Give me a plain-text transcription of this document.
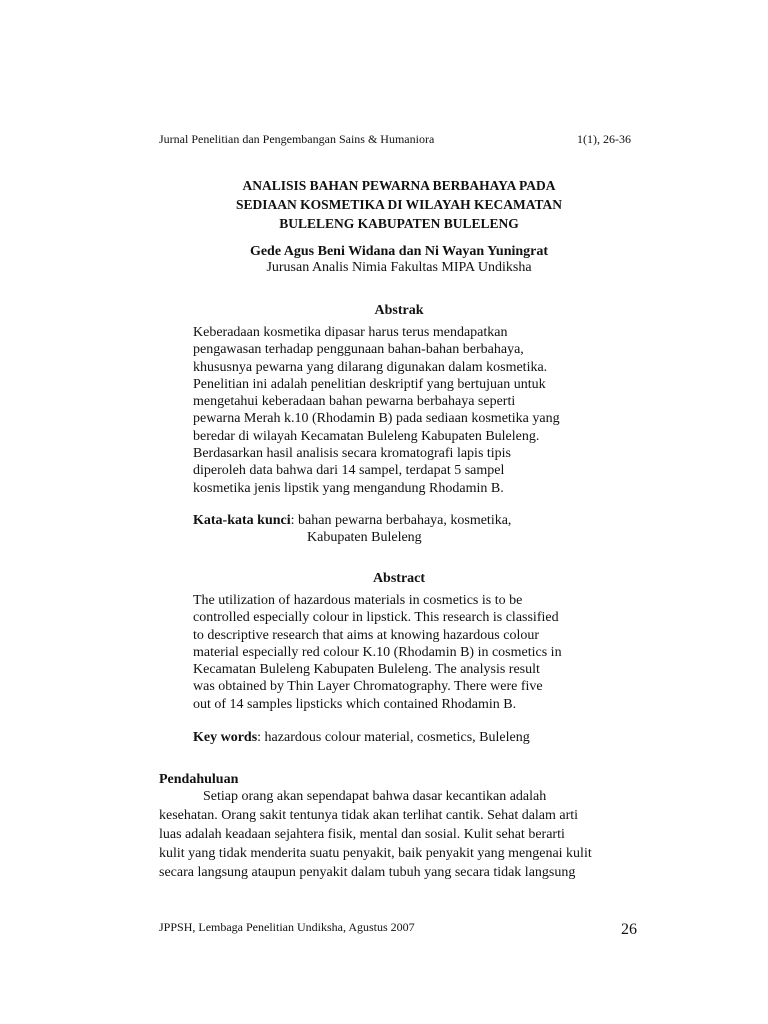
Jurnal Penelitian dan Pengembangan Sains & Humaniora	1(1), 26-36
ANALISIS BAHAN PEWARNA BERBAHAYA PADA
SEDIAAN KOSMETIKA DI WILAYAH KECAMATAN
BULELENG KABUPATEN BULELENG
Gede Agus Beni Widana dan Ni Wayan Yuningrat
Jurusan Analis Nimia Fakultas MIPA Undiksha
Abstrak
Keberadaan kosmetika dipasar harus terus mendapatkan
pengawasan terhadap penggunaan bahan-bahan berbahaya,
khususnya pewarna yang dilarang digunakan dalam kosmetika.
Penelitian ini adalah penelitian deskriptif yang bertujuan untuk
mengetahui keberadaan bahan pewarna berbahaya seperti
pewarna Merah k.10 (Rhodamin B) pada sediaan kosmetika yang
beredar di wilayah Kecamatan Buleleng Kabupaten Buleleng.
Berdasarkan hasil analisis secara kromatografi lapis tipis
diperoleh data bahwa dari 14 sampel, terdapat 5 sampel
kosmetika jenis lipstik yang mengandung Rhodamin B.
Kata-kata kunci: bahan pewarna berbahaya, kosmetika,
Kabupaten Buleleng
Abstract
The utilization of hazardous materials in cosmetics is to be
controlled especially colour in lipstick. This research is classified
to descriptive research that aims at knowing hazardous colour
material especially red colour K.10 (Rhodamin B) in cosmetics in
Kecamatan Buleleng Kabupaten Buleleng. The analysis result
was obtained by Thin Layer Chromatography. There were five
out of 14 samples lipsticks which contained Rhodamin B.
Key words: hazardous colour material, cosmetics, Buleleng
Pendahuluan
Setiap orang akan sependapat bahwa dasar kecantikan adalah
kesehatan. Orang sakit tentunya tidak akan terlihat cantik. Sehat dalam arti
luas adalah keadaan sejahtera fisik, mental dan sosial. Kulit sehat berarti
kulit yang tidak menderita suatu penyakit, baik penyakit yang mengenai kulit
secara langsung ataupun penyakit dalam tubuh yang secara tidak langsung
JPPSH, Lembaga Penelitian Undiksha, Agustus 2007	26
